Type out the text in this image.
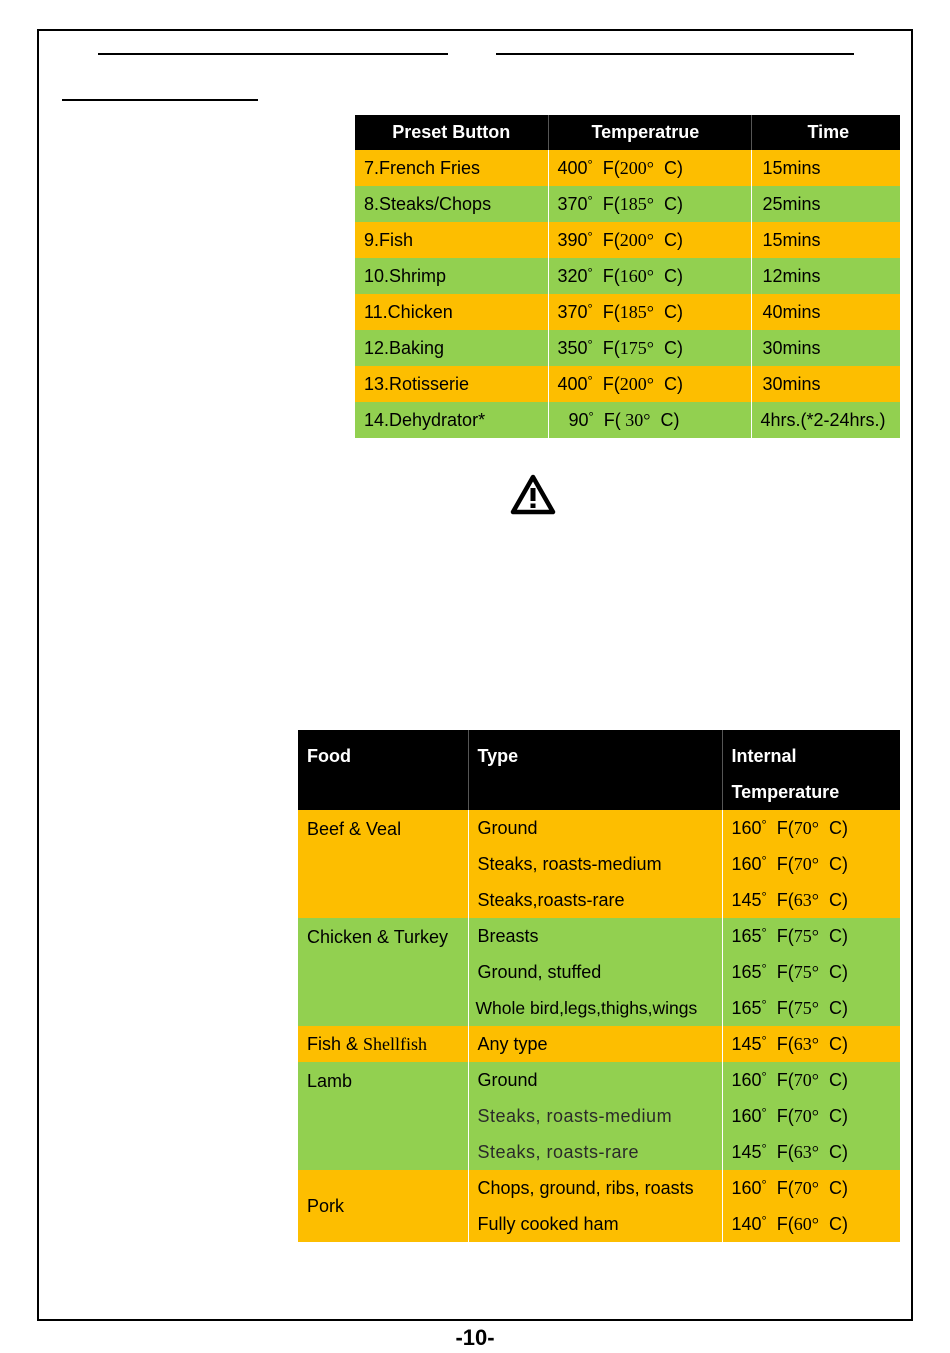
Preset Button	Temperatrue	Time
7.French Fries	400°  F(200°  C)	15mins
8.Steaks/Chops	370°  F(185°  C)	25mins
9.Fish	390°  F(200°  C)	15mins
10.Shrimp	320°  F(160°  C)	12mins
11.Chicken	370°  F(185°  C)	40mins
12.Baking	350°  F(175°  C)	30mins
13.Rotisserie	400°  F(200°  C)	30mins
14.Dehydrator*	90°  F( 30°  C)	4hrs.(*2-24hrs.)
Food	Type	Internal
Temperature

Beef & Veal	Ground	160°  F(70°  C)
	Steaks, roasts-medium	160°  F(70°  C)
	Steaks,roasts-rare	145°  F(63°  C)
Chicken & Turkey	Breasts	165°  F(75°  C)
	Ground, stuffed	165°  F(75°  C)
	Whole bird,legs,thighs,wings	165°  F(75°  C)
Fish & Shellfish	Any type	145°  F(63°  C)
Lamb	Ground	160°  F(70°  C)
	Steaks, roasts-medium	160°  F(70°  C)
	Steaks, roasts-rare	145°  F(63°  C)
Pork	Chops, ground, ribs, roasts	160°  F(70°  C)
	Fully cooked ham	140°  F(60°  C)
-10-
